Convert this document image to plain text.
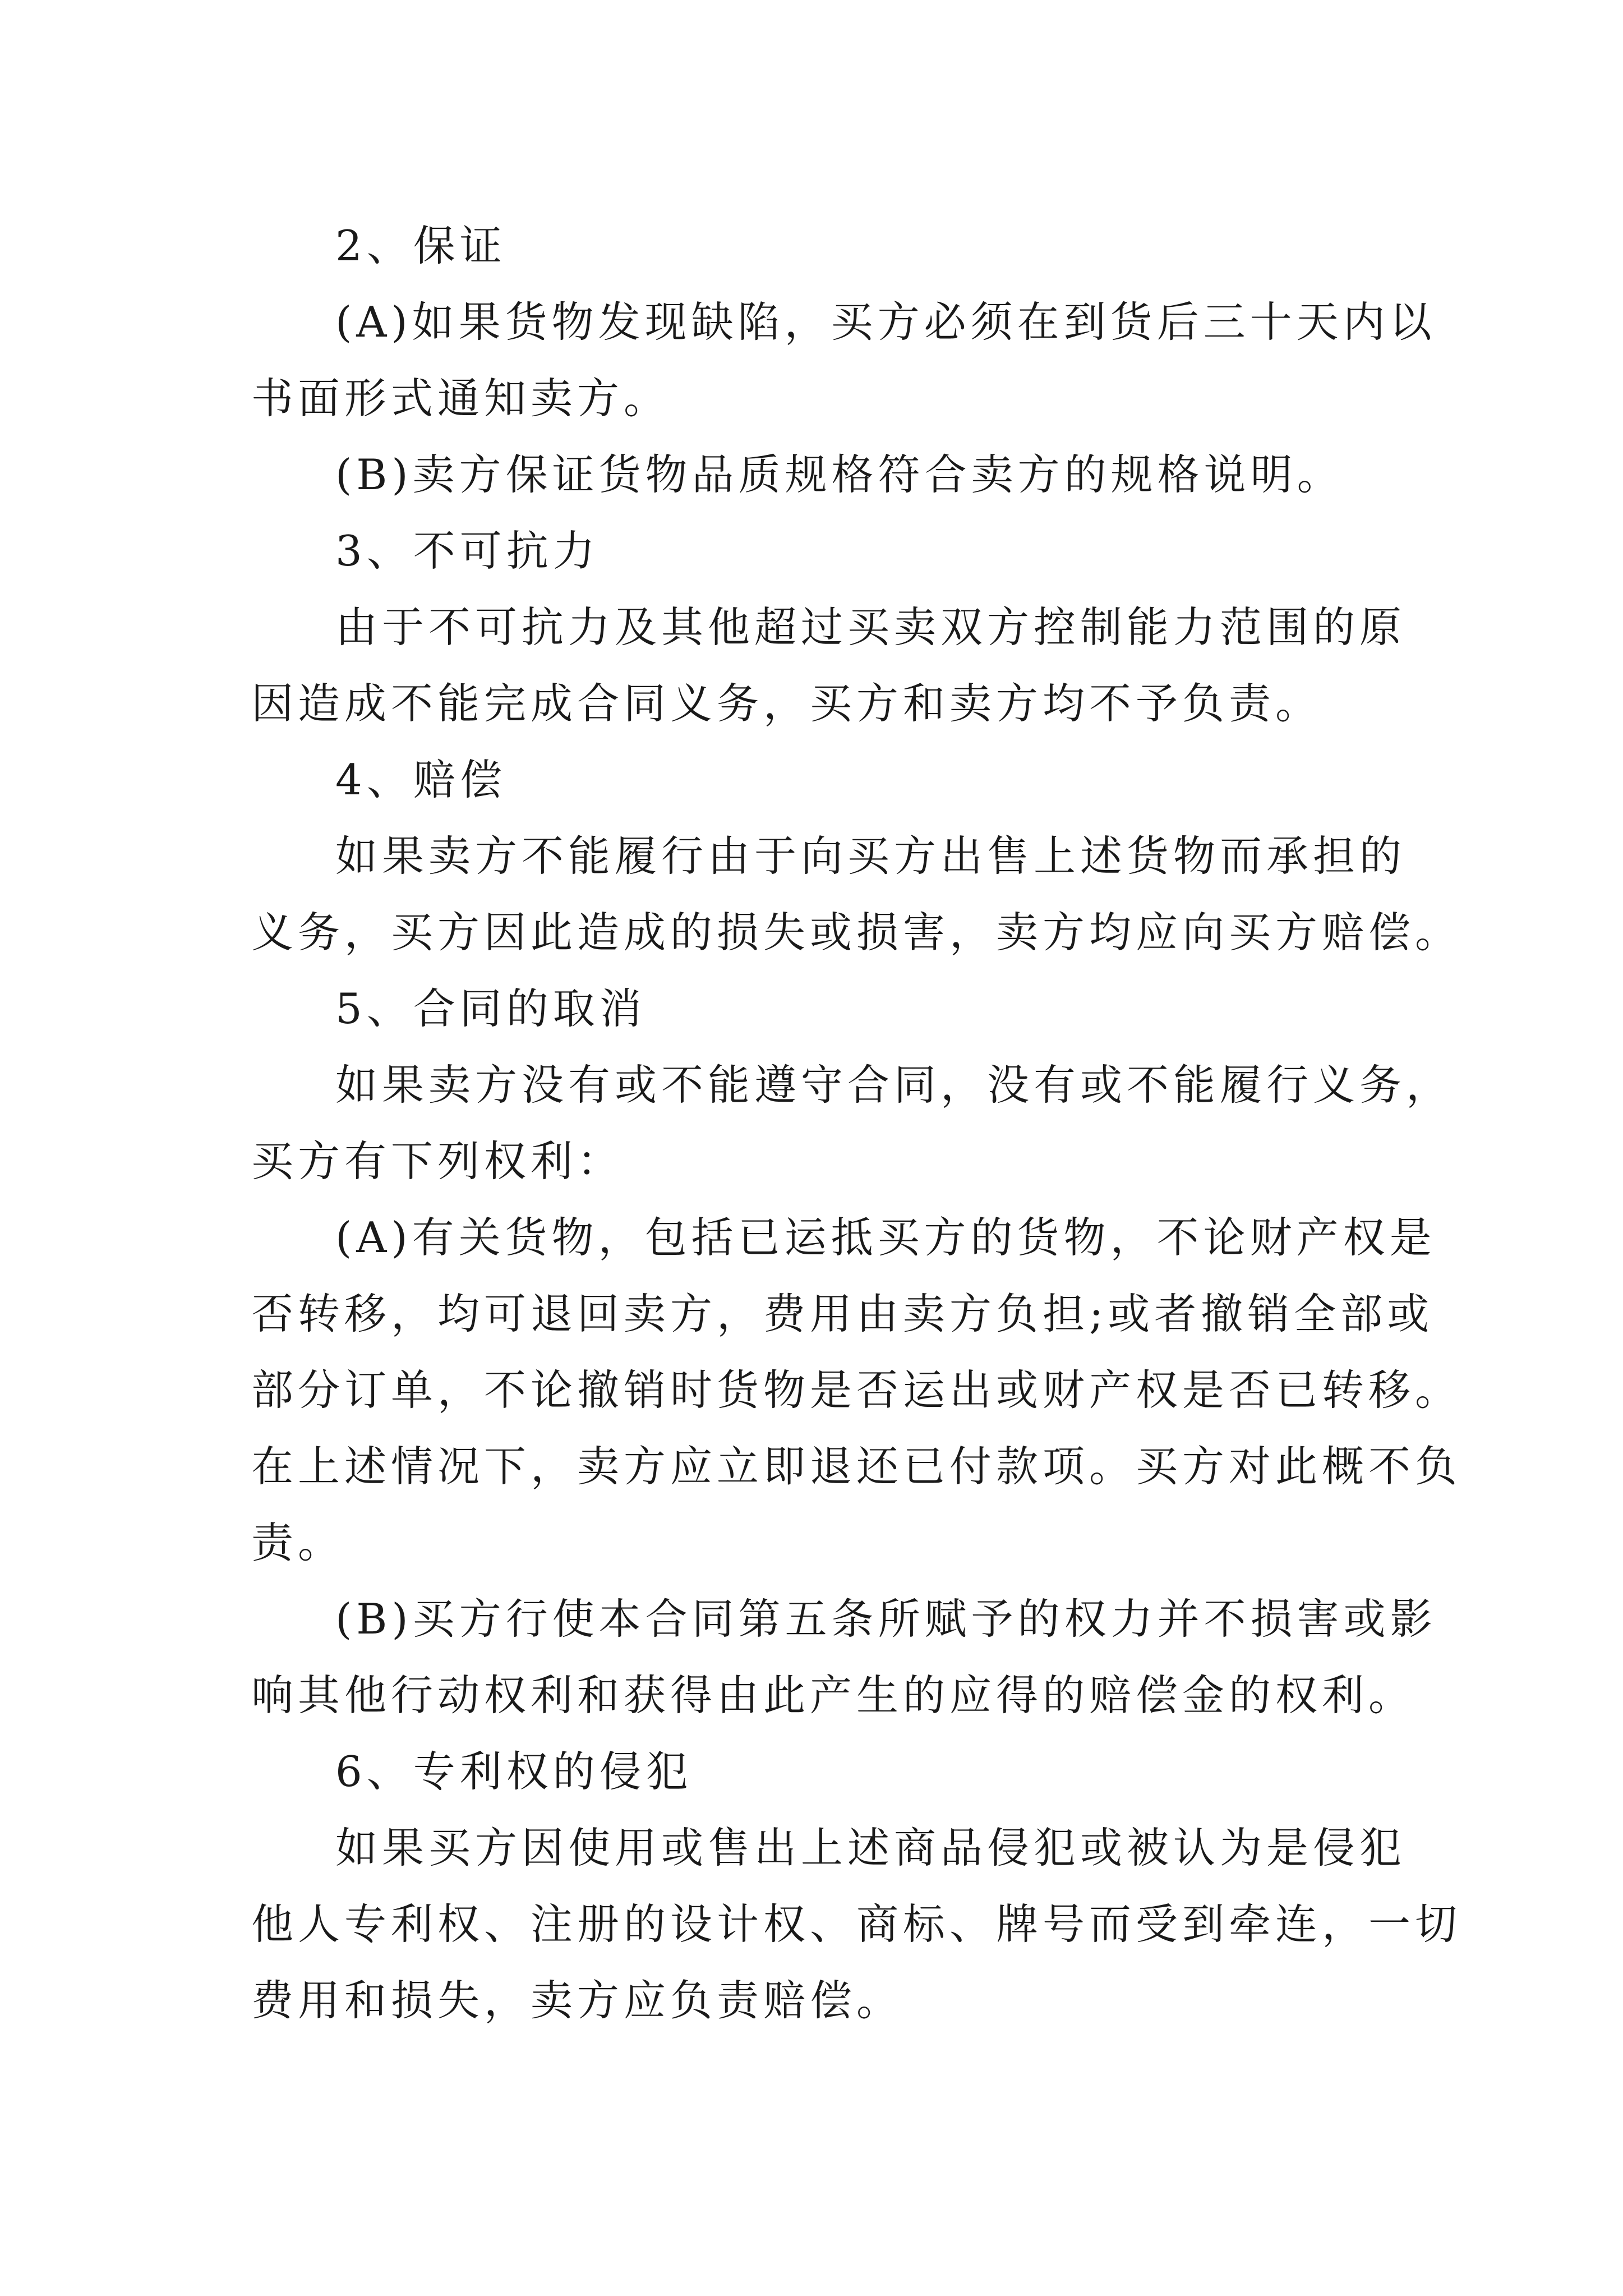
2、保证
(A)如果货物发现缺陷，买方必须在到货后三十天内以
书面形式通知卖方。
(B)卖方保证货物品质规格符合卖方的规格说明。
3、不可抗力
由于不可抗力及其他超过买卖双方控制能力范围的原
因造成不能完成合同义务，买方和卖方均不予负责。
4、赔偿
如果卖方不能履行由于向买方出售上述货物而承担的
义务，买方因此造成的损失或损害，卖方均应向买方赔偿。
5、合同的取消
如果卖方没有或不能遵守合同，没有或不能履行义务，
买方有下列权利：
(A)有关货物，包括已运抵买方的货物，不论财产权是
否转移，均可退回卖方，费用由卖方负担;或者撤销全部或
部分订单，不论撤销时货物是否运出或财产权是否已转移。
在上述情况下，卖方应立即退还已付款项。买方对此概不负
责。
(B)买方行使本合同第五条所赋予的权力并不损害或影
响其他行动权利和获得由此产生的应得的赔偿金的权利。
6、专利权的侵犯
如果买方因使用或售出上述商品侵犯或被认为是侵犯
他人专利权、注册的设计权、商标、牌号而受到牵连，一切
费用和损失，卖方应负责赔偿。
